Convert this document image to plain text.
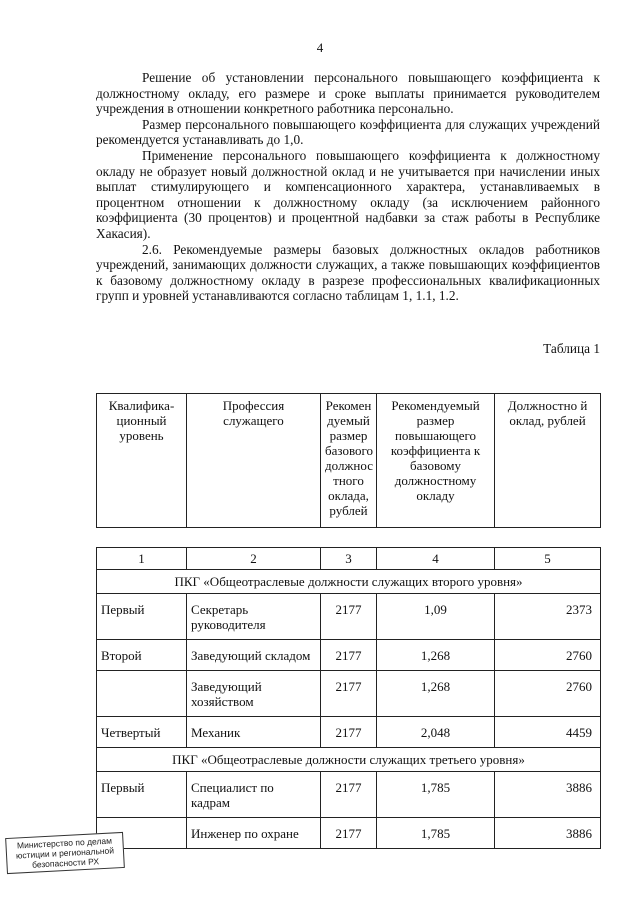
4

Решение об установлении персонального повышающего коэффициента к должностному окладу, его размере и сроке выплаты принимается руководителем учреждения в отношении конкретного работника персонально.

Размер персонального повышающего коэффициента для служащих учреждений рекомендуется устанавливать до 1,0.

Применение персонального повышающего коэффициента к должностному окладу не образует новый должностной оклад и не учитывается при начислении иных выплат стимулирующего и компенсационного характера, устанавливаемых в процентном отношении к должностному окладу (за исключением районного коэффициента (30 процентов) и процентной надбавки за стаж работы в Республике Хакасия).

2.6. Рекомендуемые размеры базовых должностных окладов работников учреждений, занимающих должности служащих, а также повышающих коэффициентов к базовому должностному окладу в разрезе профессиональных квалификационных групп и уровней устанавливаются согласно таблицам 1, 1.1, 1.2.

Таблица 1
Квалифика-ционный уровень	Профессия служащего	Рекомен дуемый размер базового должнос тного оклада, рублей	Рекомендуемый размер повышающего коэффициента к базовому должностному окладу	Должностно й оклад, рублей
1	2	3	4	5
ПКГ «Общеотраслевые должности служащих второго уровня»				
Первый	Секретарь руководителя	2177	1,09	2373
Второй	Заведующий складом	2177	1,268	2760
	Заведующий хозяйством	2177	1,268	2760
Четвертый	Механик	2177	2,048	4459
ПКГ «Общеотраслевые должности служащих третьего уровня»				
Первый	Специалист по кадрам	2177	1,785	3886
	Инженер по охране	2177	1,785	3886
Министерство по делам юстиции и региональной безопасности РХ
